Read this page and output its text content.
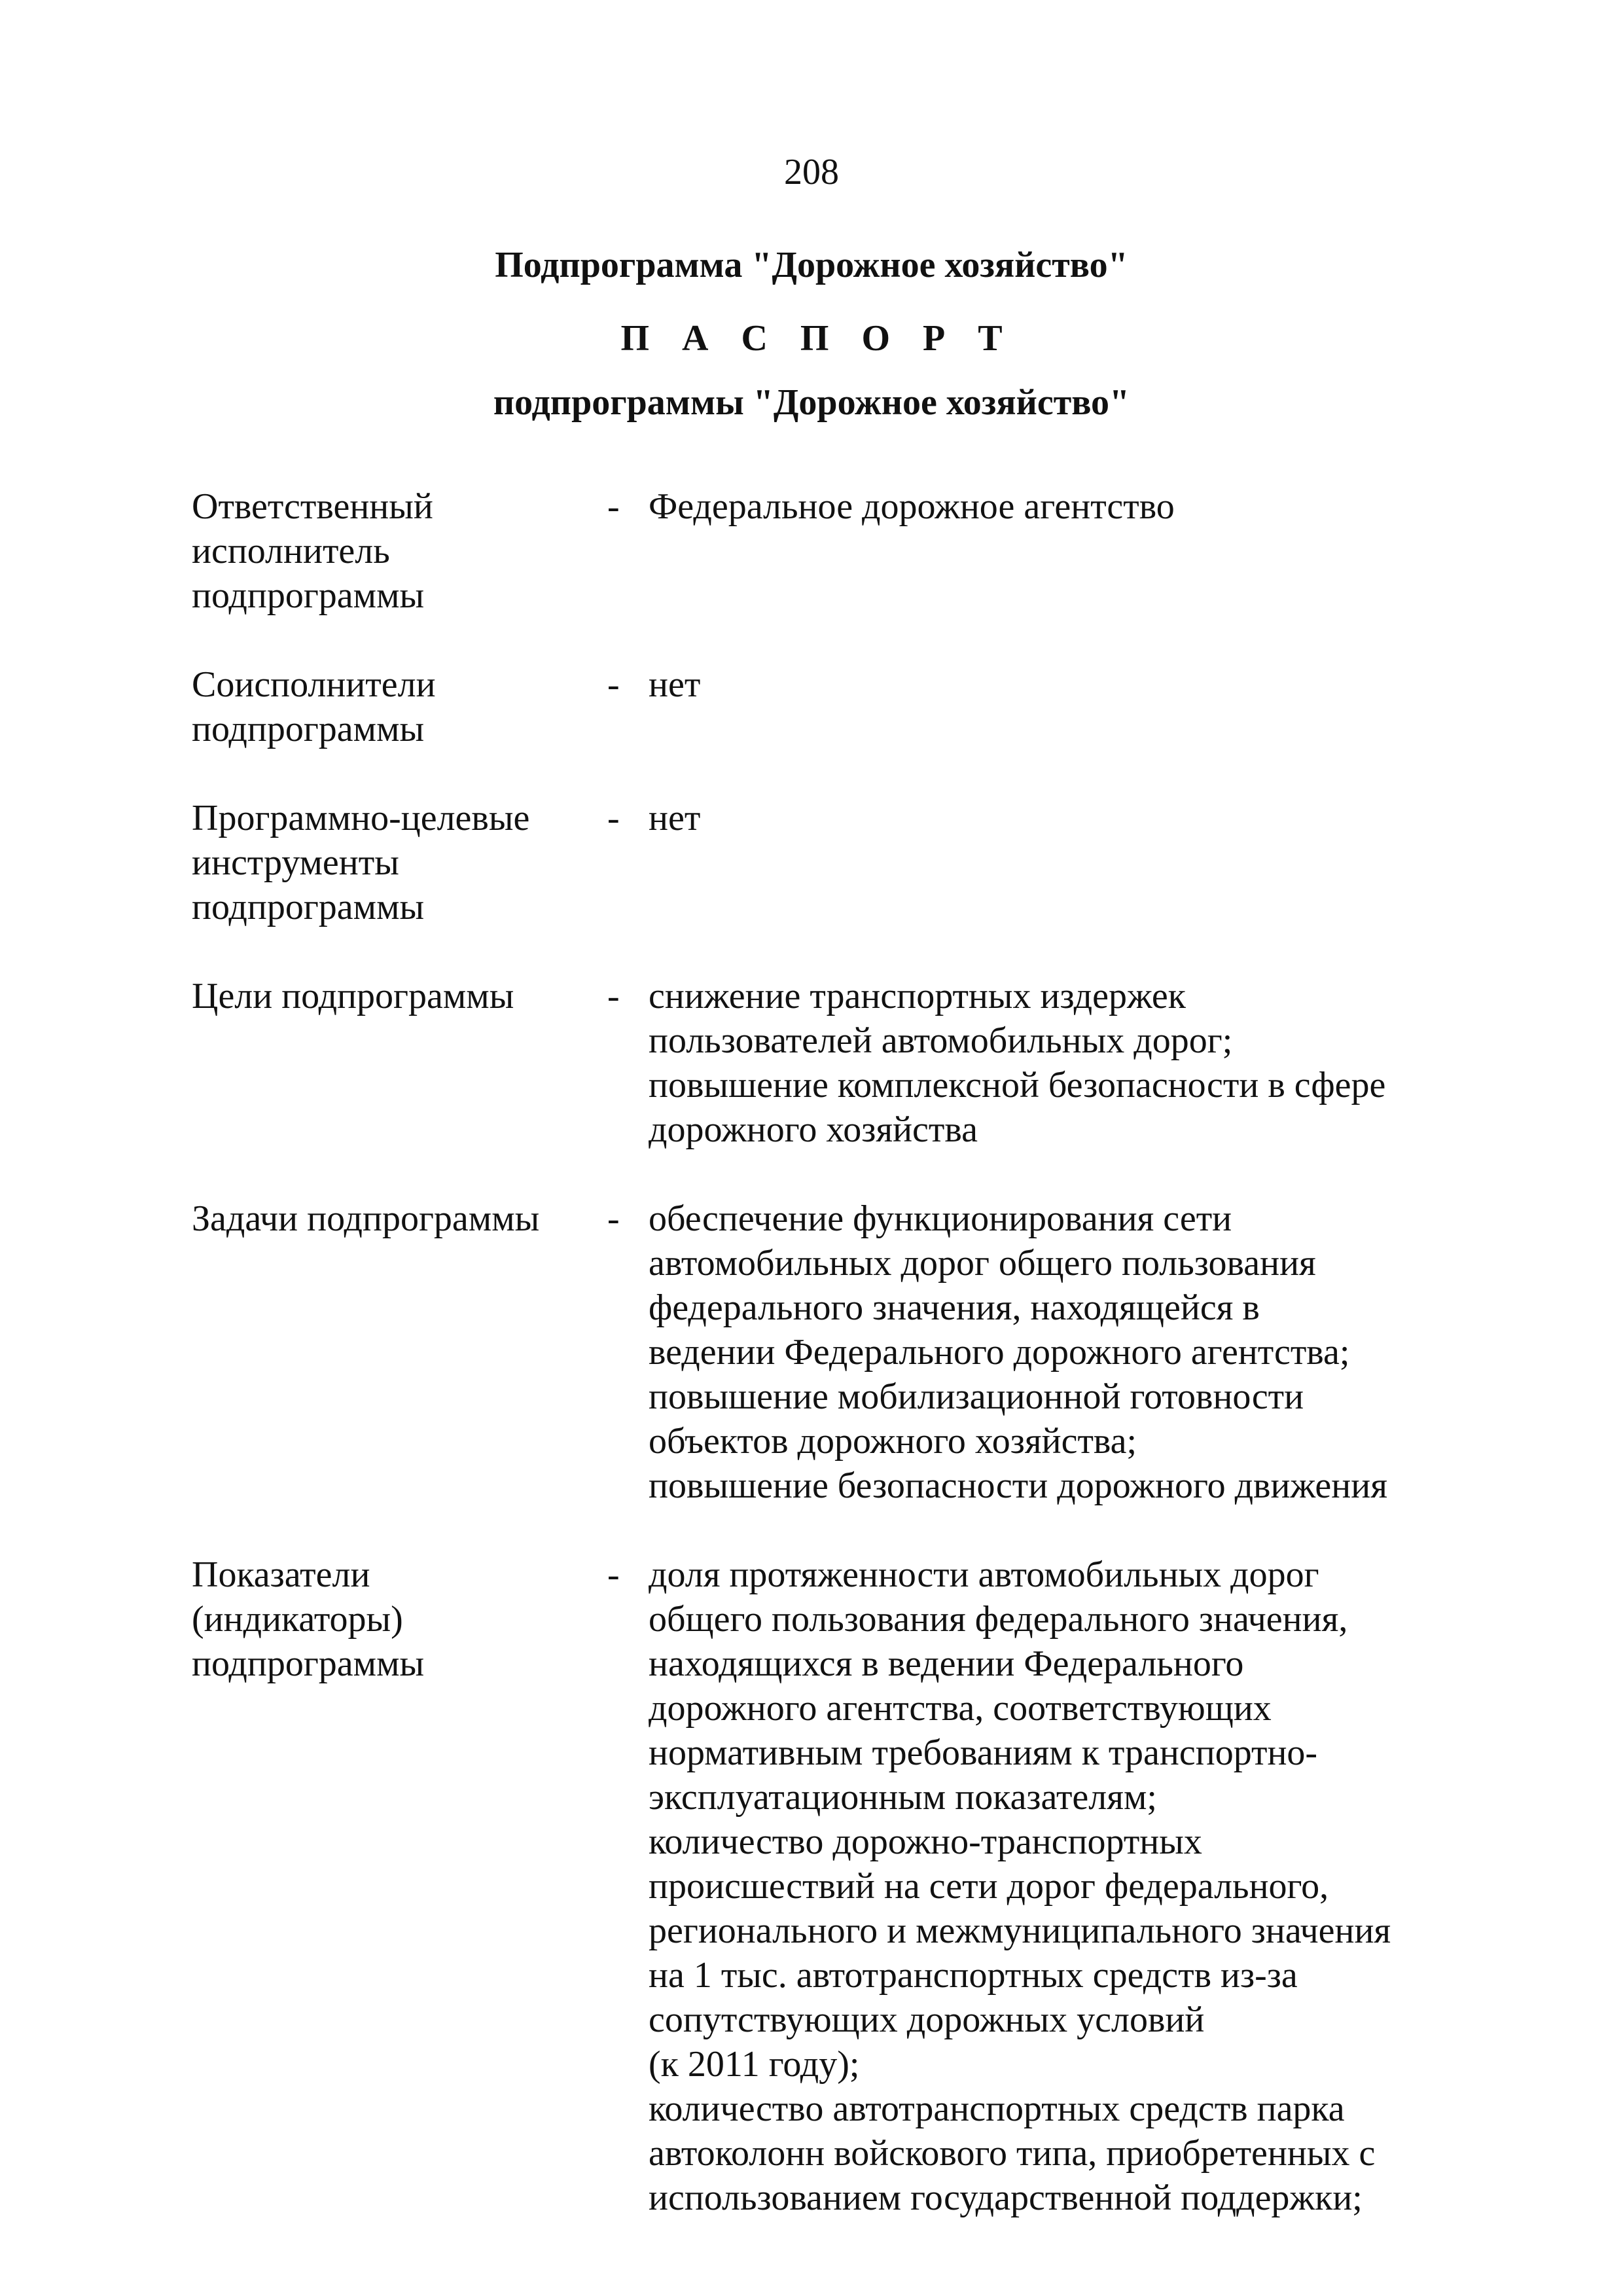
208
Подпрограмма "Дорожное хозяйство"
П А С П О Р Т
подпрограммы "Дорожное хозяйство"
Ответственный
исполнитель
подпрограммы
- Федеральное дорожное агентство
Соисполнители
подпрограммы
- нет
Программно-целевые
инструменты
подпрограммы
- нет
Цели подпрограммы	- снижение транспортных издержек
пользователей автомобильных дорог;
повышение комплексной безопасности в сфере
дорожного хозяйства
Задачи подпрограммы	- обеспечение функционирования сети
автомобильных дорог общего пользования
федерального значения, находящейся в
ведении Федерального дорожного агентства;
повышение мобилизационной готовности
объектов дорожного хозяйства;
повышение безопасности дорожного движения
Показатели
(индикаторы)
подпрограммы
- доля протяженности автомобильных дорог
общего пользования федерального значения,
находящихся в ведении Федерального
дорожного агентства, соответствующих
нормативным требованиям к транспортно-
эксплуатационным показателям;
количество дорожно-транспортных
происшествий на сети дорог федерального,
регионального и межмуниципального значения
на 1 тыс. автотранспортных средств из-за
сопутствующих дорожных условий
(к 2011 году);
количество автотранспортных средств парка
автоколонн войскового типа, приобретенных с
использованием государственной поддержки;
